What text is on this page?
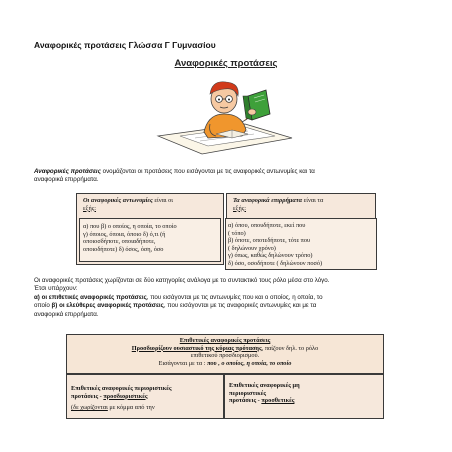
Αναφορικές προτάσεις Γλώσσα Γ Γυμνασίου
Αναφορικές προτάσεις
Αναφορικές προτάσεις ονομάζονται οι προτάσεις που εισάγονται με τις αναφορικές αντωνυμίες και τα
αναφορικά επιρρήματα.
Οι αναφορικές αντωνυμίες είναι οι
εξής:
α) που β) ο οποίος, η οποία, το οποίο
γ) όποιος, όποια, όποιο δ) ό,τι (ή
οποιοσδήποτε, οποιαδήποτε,
οποιοδήποτε) δ) όσος, όση, όσο
Τα αναφορικά επιρρήματα είναι τα
εξής:
α) όπου, οπουδήποτε, εκεί που
( τόπο)
β) όποτε, οποτεδήποτε, τότε που
( δηλώνουν χρόνο)
γ) όπως, καθώς δηλώνουν τρόπο)
δ) όσο, οσοδήποτε ( δηλώνουν ποσό)
Οι αναφορικές προτάσεις χωρίζονται σε δύο κατηγορίες ανάλογα με το συντακτικό τους ρόλο μέσα στο λόγο.
Έτσι υπάρχουν:
α) οι επιθετικές αναφορικές προτάσεις, που εισάγονται με τις αντωνυμίες που και ο οποίος, η οποία, το
οποίο β) οι ελεύθερες αναφορικές προτάσεις, που εισάγονται με τις αναφορικές αντωνυμίες και με τα
αναφορικά επιρρήματα.
Επιθετικές αναφορικές προτάσεις
Προσδιορίζουν ουσιαστικό της κύριας πρότασης, παίζουν δηλ. το ρόλο
επιθετικού προσδιορισμού.
Εισάγονται με τα : που , ο οποίος, η οποία, το οποίο
Επιθετικές αναφορικές περιοριστικές
προτάσεις - προσδιοριστικές
(δε χωρίζονται με κόμμα από την
Επιθετικές αναφορικές μη
περιοριστικές
προτάσεις - προσθετικές
